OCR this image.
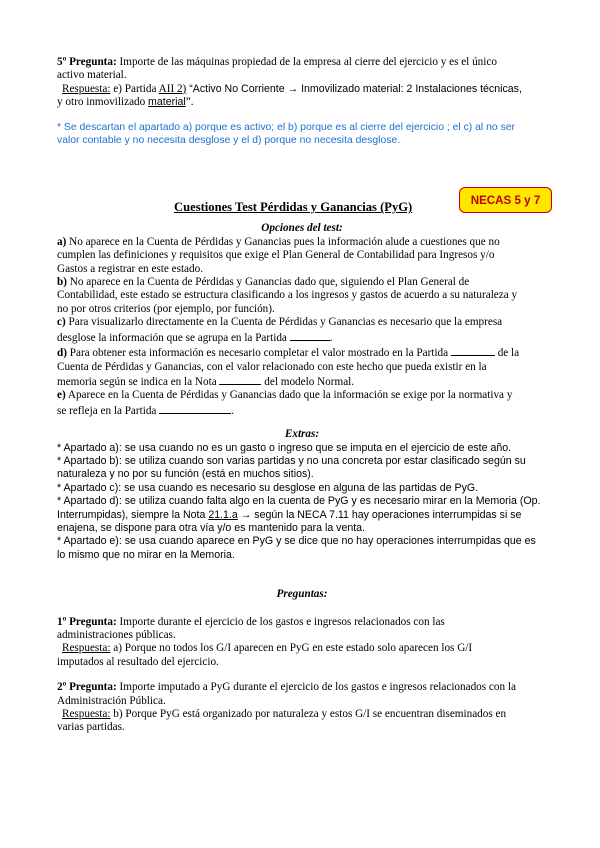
5º Pregunta: Importe de las máquinas propiedad de la empresa al cierre del ejercicio y es el único

activo material.

Respuesta: e) Partida AII 2) “Activo No Corriente → Inmovilizado material: 2 Instalaciones técnicas,

y otro inmovilizado material”.

* Se descartan el apartado a) porque es activo; el b) porque es al cierre del ejercicio ; el c) al no ser

valor contable y no necesita desglose y el d) porque no necesita desglose.

Cuestiones Test Pérdidas y Ganancias (PyG)
NECAS 5 y 7

Opciones del test:

a) No aparece en la Cuenta de Pérdidas y Ganancias pues la información alude a cuestiones que no

cumplen las definiciones y requisitos que exige el Plan General de Contabilidad para Ingresos y/o

Gastos a registrar en este estado.

b) No aparece en la Cuenta de Pérdidas y Ganancias dado que, siguiendo el Plan General de

Contabilidad, este estado se estructura clasificando a los ingresos y gastos de acuerdo a su naturaleza y

no por otros criterios (por ejemplo, por función).

c) Para visualizarlo directamente en la Cuenta de Pérdidas y Ganancias es necesario que la empresa

desglose la información que se agrupa en la Partida	.

d) Para obtener esta información es necesario completar el valor mostrado en la Partida	de la

Cuenta de Pérdidas y Ganancias, con el valor relacionado con este hecho que pueda existir en la

memoria según se indica en la Nota	del modelo Normal.

e) Aparece en la Cuenta de Pérdidas y Ganancias dado que la información se exige por la normativa y

se refleja en la Partida	.

Extras:

* Apartado a): se usa cuando no es un gasto o ingreso que se imputa en el ejercicio de este año.

* Apartado b): se utiliza cuando son varias partidas y no una concreta por estar clasificado según su

naturaleza y no por su función (está en muchos sitios).

* Apartado c): se usa cuando es necesario su desglose en alguna de las partidas de PyG.

* Apartado d): se utiliza cuando falta algo en la cuenta de PyG y es necesario mirar en la Memoria (Op.

Interrumpidas), siempre la Nota 21.1.a → según la NECA 7.11 hay operaciones interrumpidas si se

enajena, se dispone para otra vía y/o es mantenido para la venta.

* Apartado e): se usa cuando aparece en PyG y se dice que no hay operaciones interrumpidas que es

lo mismo que no mirar en la Memoria.

Preguntas:

1º Pregunta: Importe durante el ejercicio de los gastos e ingresos relacionados con las

administraciones públicas.

Respuesta: a) Porque no todos los G/I aparecen en PyG en este estado solo aparecen los G/I

imputados al resultado del ejercicio.

2º Pregunta: Importe imputado a PyG durante el ejercicio de los gastos e ingresos relacionados con la

Administración Pública.

Respuesta: b) Porque PyG está organizado por naturaleza y estos G/I se encuentran diseminados en

varias partidas.
